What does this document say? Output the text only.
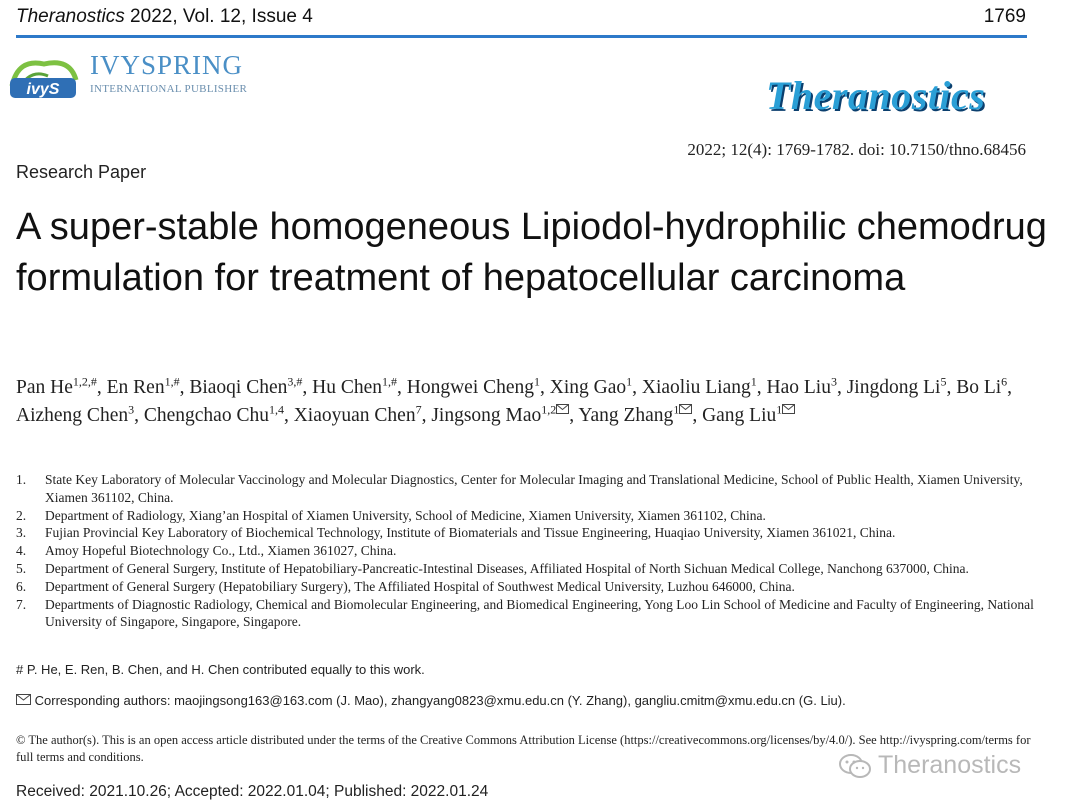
Theranostics 2022, Vol. 12, Issue 4	1769
ivyS
IVYSPRING
INTERNATIONAL PUBLISHER	Theranostics
2022; 12(4): 1769-1782. doi: 10.7150/thno.68456
Research Paper
A super-stable homogeneous Lipiodol-hydrophilic chemodrug formulation for treatment of hepatocellular carcinoma
Pan $He^{1,2,\#}$, En Ren$^{1,\#}$, Biaoqi Chen$^{3,\#}$, Hu Chen$^{1,\#}$, Hongwei Cheng$^1$, Xing Gao$^1$, Xiaoliu Liang$^1$, Hao Liu$^3$, Jingdong Li$^5$, Bo Li$^6$, Aizheng Chen$^3$, Chengchao Chu$^{1,4}$, Xiaoyuan Chen$^7$, Jingsong Mao$^{1,2}$ , Yang Zhang$^1$ , Gang Liu$^1$
1. State Key Laboratory of Molecular Vaccinology and Molecular Diagnostics, Center for Molecular Imaging and Translational Medicine, School of Public Health, Xiamen University, Xiamen 361102, China.
2. Department of Radiology, Xiang’an Hospital of Xiamen University, School of Medicine, Xiamen University, Xiamen 361102, China.
3. Fujian Provincial Key Laboratory of Biochemical Technology, Institute of Biomaterials and Tissue Engineering, Huaqiao University, Xiamen 361021, China.
4. Amoy Hopeful Biotechnology Co., Ltd., Xiamen 361027, China.
5. Department of General Surgery, Institute of Hepatobiliary-Pancreatic-Intestinal Diseases, Affiliated Hospital of North Sichuan Medical College, Nanchong 637000, China.
6. Department of General Surgery (Hepatobiliary Surgery), The Affiliated Hospital of Southwest Medical University, Luzhou 646000, China.
7. Departments of Diagnostic Radiology, Chemical and Biomolecular Engineering, and Biomedical Engineering, Yong Loo Lin School of Medicine and Faculty of Engineering, National University of Singapore, Singapore, Singapore.
# P. He, E. Ren, B. Chen, and H. Chen contributed equally to this work.
Corresponding authors: maojingsong163@163.com (J. Mao), zhangyang0823@xmu.edu.cn (Y. Zhang), gangliu.cmitm@xmu.edu.cn (G. Liu).
© The author(s). This is an open access article distributed under the terms of the Creative Commons Attribution License (https://creativecommons.org/licenses/by/4.0/). See http://ivyspring.com/terms for full terms and conditions.
Received: 2021.10.26; Accepted: 2022.01.04; Published: 2022.01.24
Theranostics
